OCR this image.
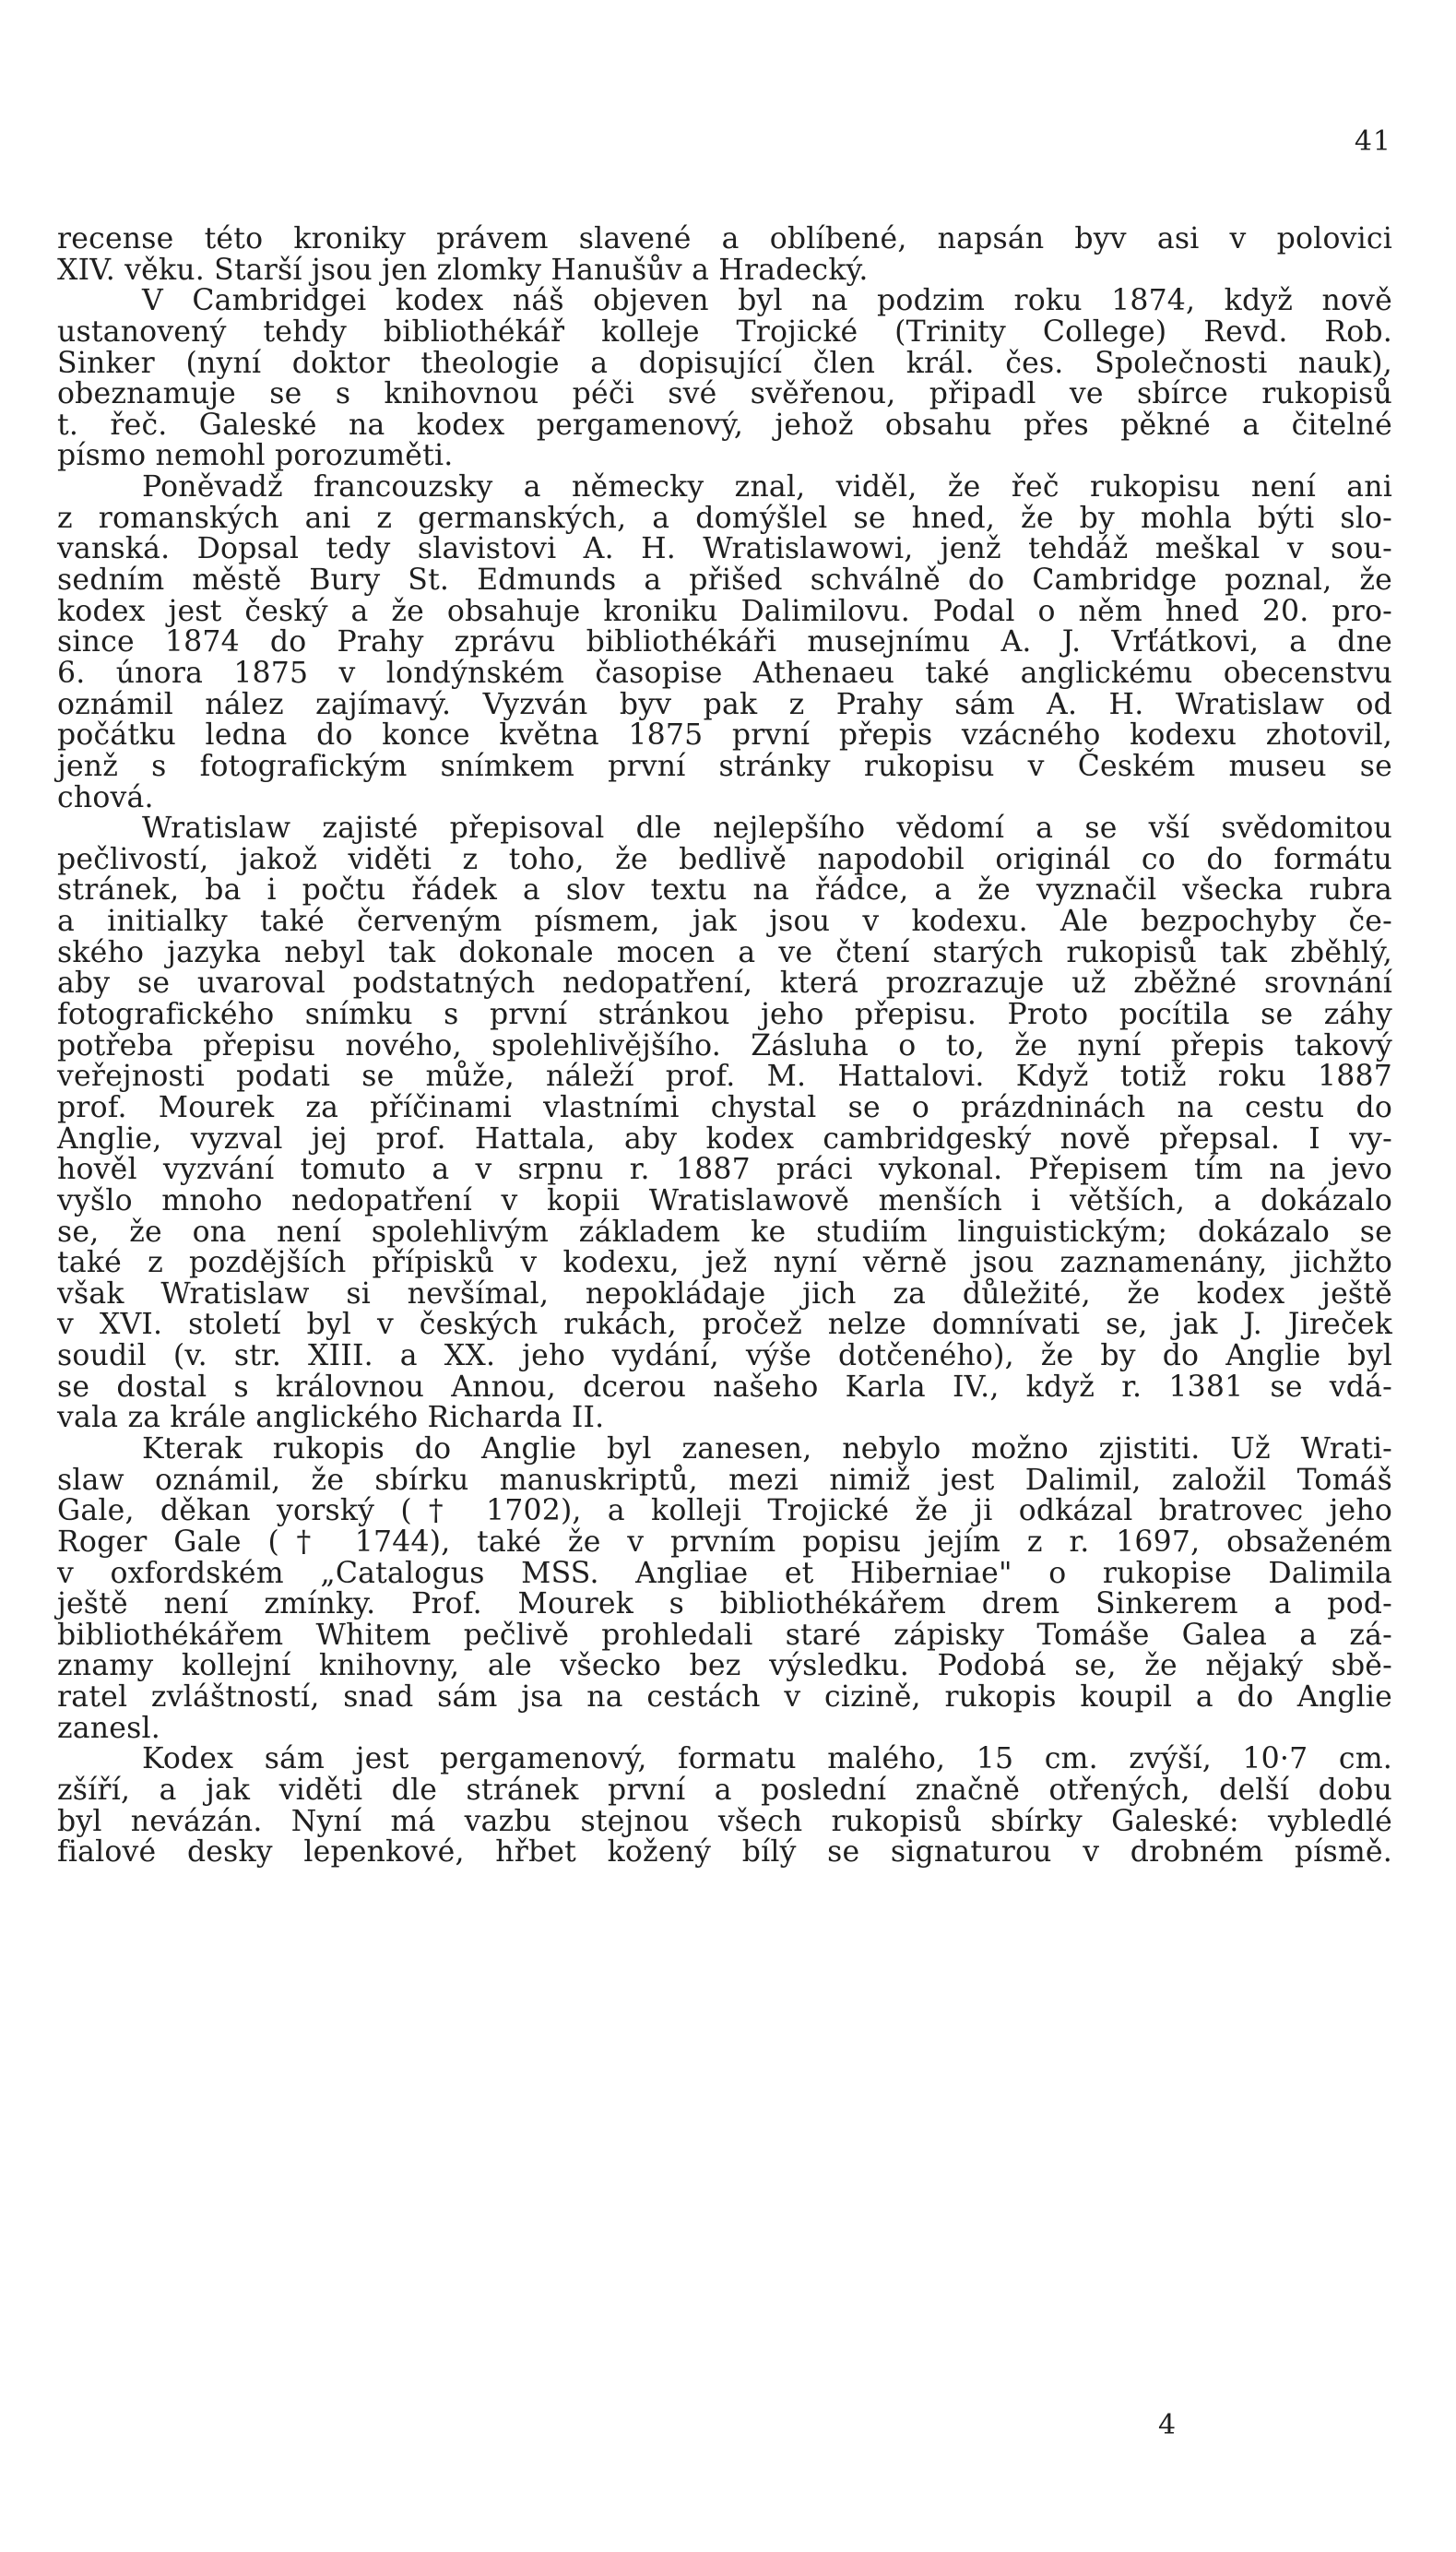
41
recense této kroniky právem slavené a oblíbené, napsán byv asi v polovici
XIV. věku. Starší jsou jen zlomky Hanušův a Hradecký.
V Cambridgei kodex náš objeven byl na podzim roku 1874, když nově
ustanovený tehdy bibliothékář kolleje Trojické (Trinity College) Revd. Rob.
Sinker (nyní doktor theologie a dopisující člen král. čes. Společnosti nauk),
obeznamuje se s knihovnou péči své svěřenou, připadl ve sbírce rukopisů
t. řeč. Galeské na kodex pergamenový, jehož obsahu přes pěkné a čitelné
písmo nemohl porozuměti.
Poněvadž francouzsky a německy znal, viděl, že řeč rukopisu není ani
z romanských ani z germanských, a domýšlel se hned, že by mohla býti slo-
vanská. Dopsal tedy slavistovi A. H. Wratislawowi, jenž tehdáž meškal v sou-
sedním městě Bury St. Edmunds a přišed schválně do Cambridge poznal, že
kodex jest český a že obsahuje kroniku Dalimilovu. Podal o něm hned 20. pro-
since 1874 do Prahy zprávu bibliothékáři musejnímu A. J. Vrťátkovi, a dne
6. února 1875 v londýnském časopise Athenaeu také anglickému obecenstvu
oznámil nález zajímavý. Vyzván byv pak z Prahy sám A. H. Wratislaw od
počátku ledna do konce května 1875 první přepis vzácného kodexu zhotovil,
jenž s fotografickým snímkem první stránky rukopisu v Českém museu se
chová.
Wratislaw zajisté přepisoval dle nejlepšího vědomí a se vší svědomitou
pečlivostí, jakož viděti z toho, že bedlivě napodobil originál co do formátu
stránek, ba i počtu řádek a slov textu na řádce, a že vyznačil všecka rubra
a initialky také červeným písmem, jak jsou v kodexu. Ale bezpochyby če-
ského jazyka nebyl tak dokonale mocen a ve čtení starých rukopisů tak zběhlý,
aby se uvaroval podstatných nedopatření, která prozrazuje už zběžné srovnání
fotografického snímku s první stránkou jeho přepisu. Proto pocítila se záhy
potřeba přepisu nového, spolehlivějšího. Zásluha o to, že nyní přepis takový
veřejnosti podati se může, náleží prof. M. Hattalovi. Když totiž roku 1887
prof. Mourek za příčinami vlastními chystal se o prázdninách na cestu do
Anglie, vyzval jej prof. Hattala, aby kodex cambridgeský nově přepsal. I vy-
hověl vyzvání tomuto a v srpnu r. 1887 práci vykonal. Přepisem tím na jevo
vyšlo mnoho nedopatření v kopii Wratislawově menších i větších, a dokázalo
se, že ona není spolehlivým základem ke studiím linguistickým; dokázalo se
také z pozdějších přípisků v kodexu, jež nyní věrně jsou zaznamenány, jichžto
však Wratislaw si nevšímal, nepokládaje jich za důležité, že kodex ještě
v XVI. století byl v českých rukách, pročež nelze domnívati se, jak J. Jireček
soudil (v. str. XIII. a XX. jeho vydání, výše dotčeného), že by do Anglie byl
se dostal s královnou Annou, dcerou našeho Karla IV., když r. 1381 se vdá-
vala za krále anglického Richarda II.
Kterak rukopis do Anglie byl zanesen, nebylo možno zjistiti. Už Wrati-
slaw oznámil, že sbírku manuskriptů, mezi nimiž jest Dalimil, založil Tomáš
Gale, děkan yorský († 1702), a kolleji Trojické že ji odkázal bratrovec jeho
Roger Gale († 1744), také že v prvním popisu jejím z r. 1697, obsaženém
v oxfordském „Catalogus MSS. Angliae et Hiberniae" o rukopise Dalimila
ještě není zmínky. Prof. Mourek s bibliothékářem drem Sinkerem a pod-
bibliothékářem Whitem pečlivě prohledali staré zápisky Tomáše Galea a zá-
znamy kollejní knihovny, ale všecko bez výsledku. Podobá se, že nějaký sbě-
ratel zvláštností, snad sám jsa na cestách v cizině, rukopis koupil a do Anglie
zanesl.
Kodex sám jest pergamenový, formatu malého, 15 cm. zvýší, 10·7 cm.
zšíří, a jak viděti dle stránek první a poslední značně otřených, delší dobu
byl nevázán. Nyní má vazbu stejnou všech rukopisů sbírky Galeské: vybledlé
fialové desky lepenkové, hřbet kožený bílý se signaturou v drobném písmě.
4
